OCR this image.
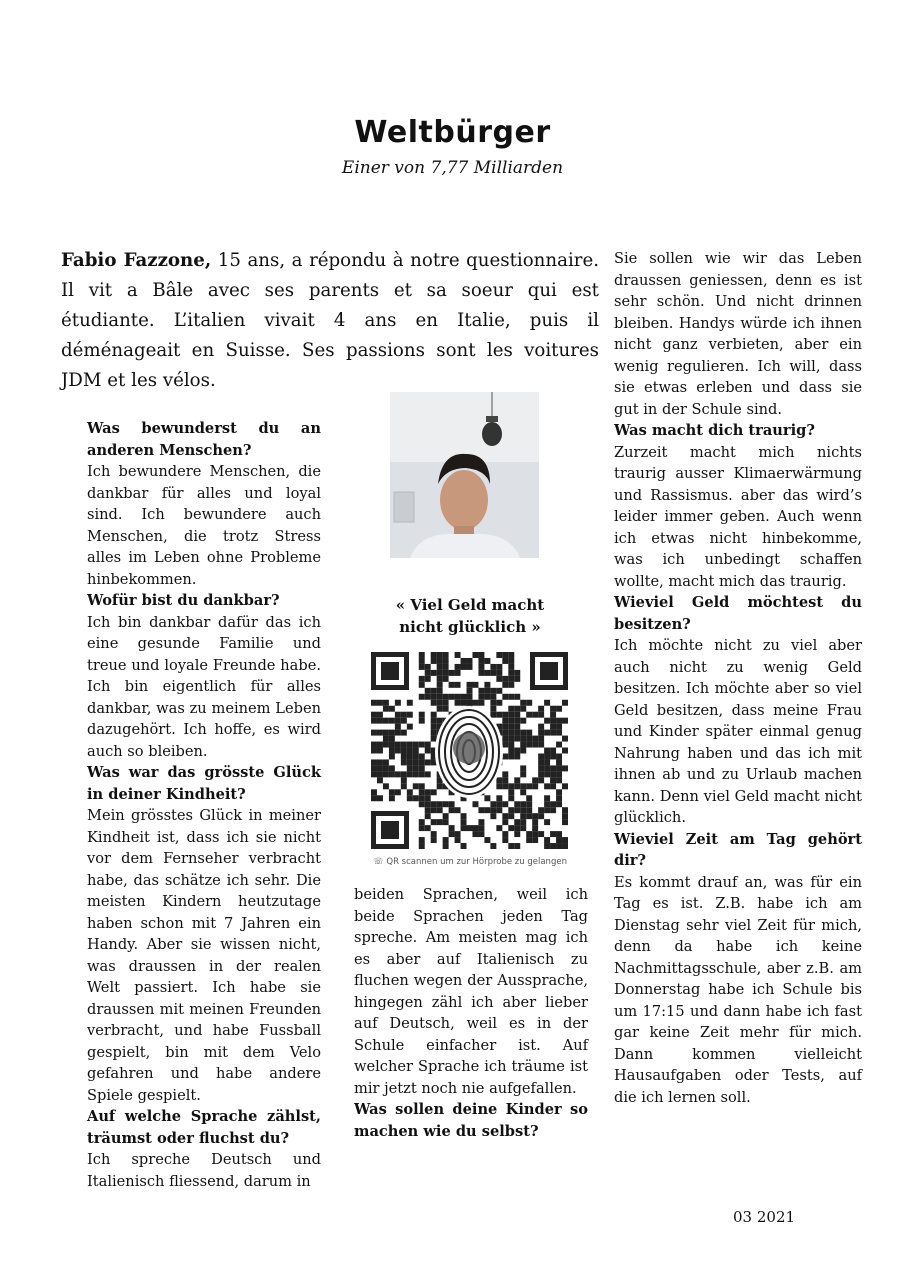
Weltbürger
Einer von 7,77 Milliarden
Fabio Fazzone, 15 ans, a répondu à notre questionnaire. Il vit a Bâle avec ses parents et sa soeur qui est étudiante. L’italien vivait 4 ans en Italie, puis il déménageait en Suisse. Ses passions sont les voitures JDM et les vélos.

Was bewunderst du an anderen Menschen?

Ich bewundere Menschen, die dankbar für alles und loyal sind. Ich bewundere auch Menschen, die trotz Stress alles im Leben ohne Probleme hinbekommen.

Wofür bist du dankbar?

Ich bin dankbar dafür das ich eine gesunde Familie und treue und loyale Freunde habe. Ich bin eigentlich für alles dankbar, was zu meinem Leben dazugehört. Ich hoffe, es wird auch so bleiben.

Was war das grösste Glück in deiner Kindheit?

Mein grösstes Glück in meiner Kindheit ist, dass ich sie nicht vor dem Fernseher verbracht habe, das schätze ich sehr. Die meisten Kindern heutzutage haben schon mit 7 Jahren ein Handy. Aber sie wissen nicht, was draussen in der realen Welt passiert. Ich habe sie draussen mit meinen Freunden verbracht, und habe Fussball gespielt, bin mit dem Velo gefahren und habe andere Spiele gespielt.

Auf welche Sprache zählst, träumst oder fluchst du?

Ich spreche Deutsch und Italienisch fliessend, darum in

« Viel Geld macht
nicht glücklich »
☏ QR scannen um zur Hörprobe zu gelangen

beiden Sprachen, weil ich beide Sprachen jeden Tag spreche. Am meisten mag ich es aber auf Italienisch zu fluchen wegen der Aussprache, hingegen zähl ich aber lieber auf Deutsch, weil es in der Schule einfacher ist. Auf welcher Sprache ich träume ist mir jetzt noch nie aufgefallen.

Was sollen deine Kinder so machen wie du selbst?

Sie sollen wie wir das Leben draussen geniessen, denn es ist sehr schön. Und nicht drinnen bleiben. Handys würde ich ihnen nicht ganz verbieten, aber ein wenig regulieren. Ich will, dass sie etwas erleben und dass sie gut in der Schule sind.

Was macht dich traurig?

Zurzeit macht mich nichts traurig ausser Klimaerwärmung und Rassismus. aber das wird’s leider immer geben. Auch wenn ich etwas nicht hinbekomme, was ich unbedingt schaffen wollte, macht mich das traurig.

Wieviel Geld möchtest du besitzen?

Ich möchte nicht zu viel aber auch nicht zu wenig Geld besitzen. Ich möchte aber so viel Geld besitzen, dass meine Frau und Kinder später einmal genug Nahrung haben und das ich mit ihnen ab und zu Urlaub machen kann. Denn viel Geld macht nicht glücklich.

Wieviel Zeit am Tag gehört dir?

Es kommt drauf an, was für ein Tag es ist. Z.B. habe ich am Dienstag sehr viel Zeit für mich, denn da habe ich keine Nachmittagsschule, aber z.B. am Donnerstag habe ich Schule bis um 17:15 und dann habe ich fast gar keine Zeit mehr für mich. Dann kommen vielleicht Hausaufgaben oder Tests, auf die ich lernen soll.

03 2021
